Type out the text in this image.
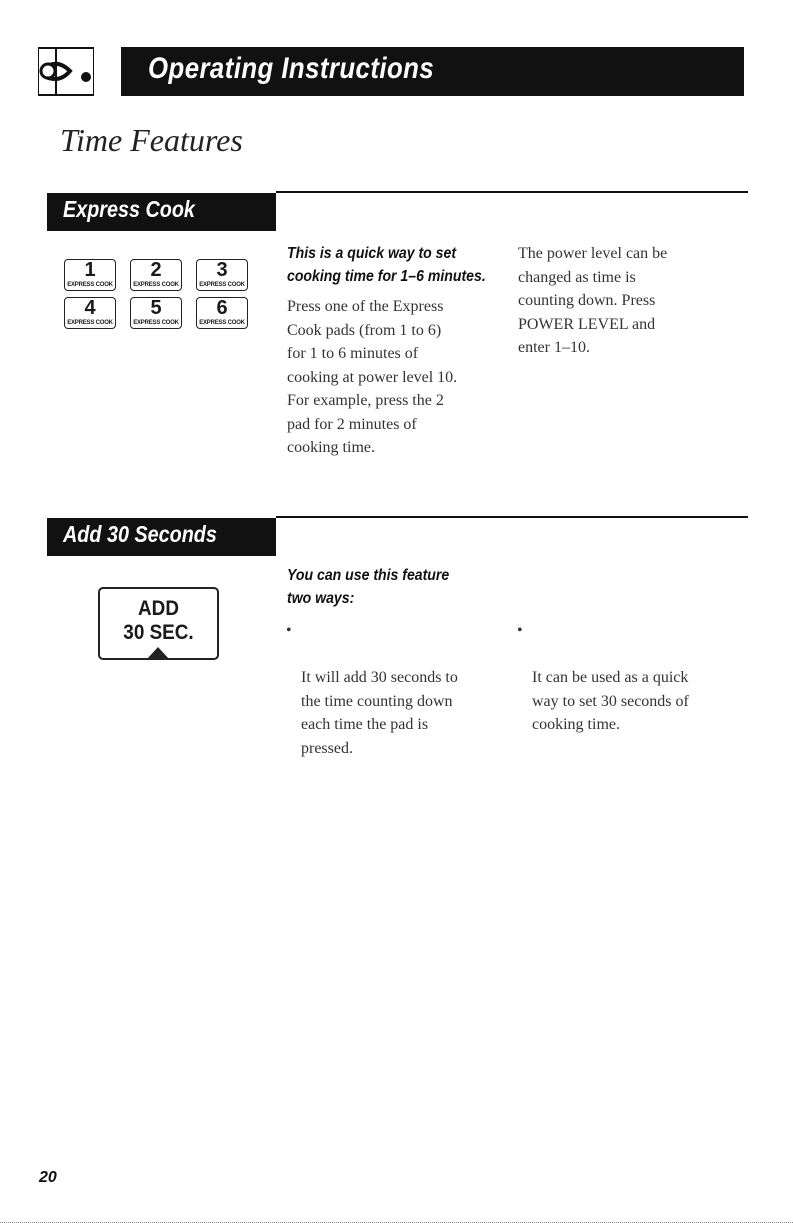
Operating Instructions
Time Features
Express Cook
1
EXPRESS COOK
2
EXPRESS COOK
3
EXPRESS COOK
4
EXPRESS COOK
5
EXPRESS COOK
6
EXPRESS COOK
This is a quick way to set
cooking time for 1–6 minutes.
Press one of the Express
Cook pads (from 1 to 6)
for 1 to 6 minutes of
cooking at power level 10.
For example, press the 2
pad for 2 minutes of
cooking time.
The power level can be
changed as time is
counting down. Press
POWER LEVEL and
enter 1–10.
Add 30 Seconds
ADD
30 SEC.
You can use this feature
two ways:

•

It will add 30 seconds to
the time counting down
each time the pad is
pressed.

•

It can be used as a quick
way to set 30 seconds of
cooking time.

20
